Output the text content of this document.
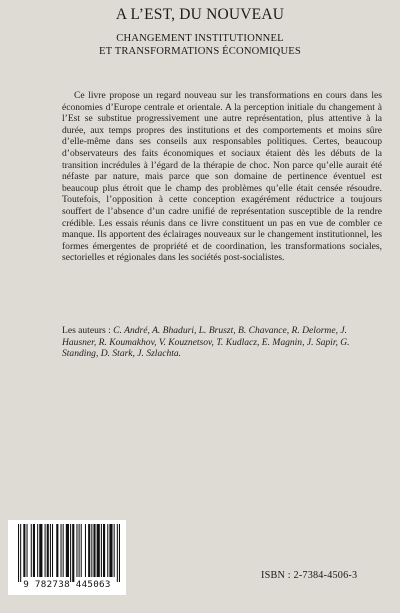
A L’EST, DU NOUVEAU

CHANGEMENT INSTITUTIONNEL

ET TRANSFORMATIONS ÉCONOMIQUES

Ce livre propose un regard nouveau sur les transformations en cours dans les économies d’Europe centrale et orientale. A la perception initiale du changement à l’Est se substitue progressivement une autre représentation, plus attentive à la durée, aux temps propres des institutions et des comportements et moins sûre d’elle-même dans ses conseils aux responsables politiques. Certes, beaucoup d’observateurs des faits économiques et sociaux étaient dès les débuts de la transition incrédules à l’égard de la thérapie de choc. Non parce qu’elle aurait été néfaste par nature, mais parce que son domaine de pertinence éventuel est beaucoup plus étroit que le champ des problèmes qu’elle était censée résoudre. Toutefois, l’opposition à cette conception exagérément réductrice a toujours souffert de l’absence d’un cadre unifié de représentation susceptible de la rendre crédible. Les essais réunis dans ce livre constituent un pas en vue de combler ce manque. Ils apportent des éclairages nouveaux sur le changement institutionnel, les formes émergentes de propriété et de coordination, les transformations sociales, sectorielles et régionales dans les sociétés post-socialistes.

Les auteurs : C. André, A. Bhaduri, L. Bruszt, B. Chavance, R. Delorme, J. Hausner, R. Koumakhov, V. Kouznetsov, T. Kudlacz, E. Magnin, J. Sapir, G. Standing, D. Stark, J. Szlachta.

9 782738 445063
ISBN : 2-7384-4506-3
